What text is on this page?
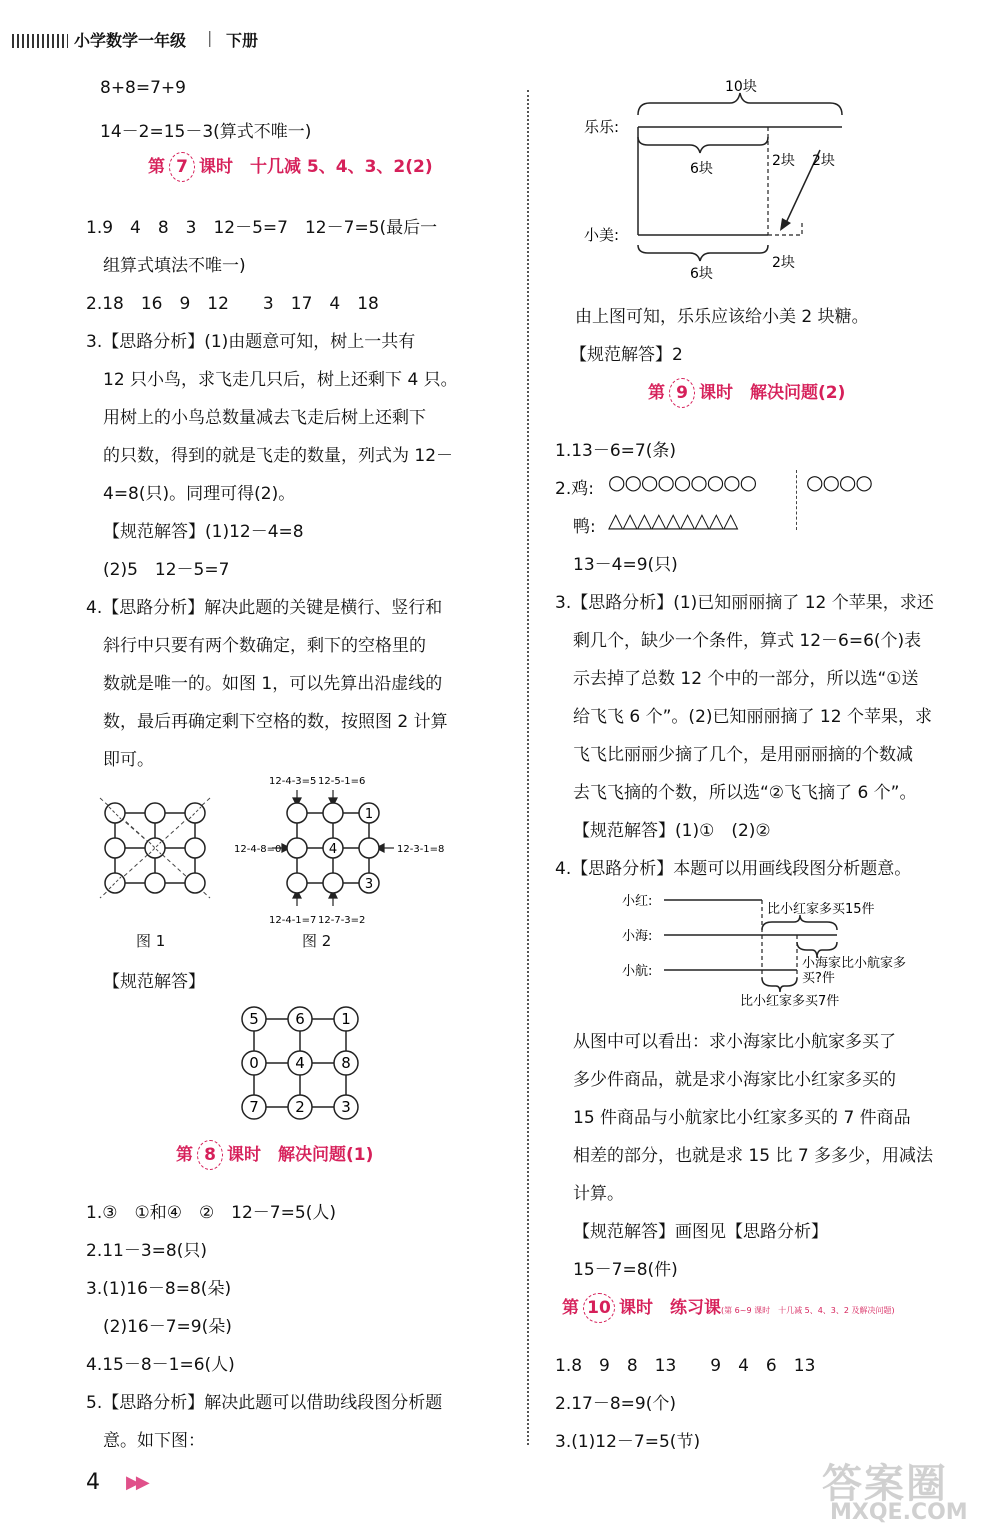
小学数学一年级 | 下册
8+8=7+9
14－2=15－3(算式不唯一)
第 7 课时　 十几减 5、4、3、2(2)
1.9　4　8　3　12－5=7　12－7=5(最后一
组算式填法不唯一)
2.18　16　9　12　　3　17　4　18
3.【思路分析】(1)由题意可知，树上一共有
12 只小鸟，求飞走几只后，树上还剩下 4 只。
用树上的小鸟总数量减去飞走后树上还剩下
的只数，得到的就是飞走的数量，列式为 12－
4=8(只)。同理可得(2)。
【规范解答】(1)12－4=8
(2)5　12－5=7
4.【思路分析】解决此题的关键是横行、竖行和
斜行中只要有两个数确定，剩下的空格里的
数就是唯一的。如图 1，可以先算出沿虚线的
数，最后再确定剩下空格的数，按照图 2 计算
即可。
图 1
12-4-3=5 12-5-1=6
12-4-8=0	12-3-1=8
12-4-1=7 12-7-3=2
1
4
3
图 2
【规范解答】
5 6 1
0 4 8
7 2 3
第 8 课时　 解决问题(1)
1.③　①和④　②　12－7=5(人)
2.11－3=8(只)
3.(1)16－8=8(朵)
(2)16－7=9(朵)
4.15－8－1=6(人)
5.【思路分析】解决此题可以借助线段图分析题
意。如下图：
4 ▶▶
10块
乐乐:
小美:
6块	2块 2块
6块
2块
由上图可知，乐乐应该给小美 2 块糖。
【规范解答】2
第 9 课时　 解决问题(2)
1.13－6=7(条)
2.鸡: ○○○○○○○○○ ○○○○
鸭: △△△△△△△△△
13－4=9(只)
3.【思路分析】(1)已知丽丽摘了 12 个苹果，求还
剩几个，缺少一个条件，算式 12－6=6(个)表
示去掉了总数 12 个中的一部分，所以选“①送
给飞飞 6 个”。(2)已知丽丽摘了 12 个苹果，求
飞飞比丽丽少摘了几个，是用丽丽摘的个数减
去飞飞摘的个数，所以选“②飞飞摘了 6 个”。
【规范解答】(1)①　(2)②
4.【思路分析】本题可以用画线段图分析题意。
小红:
小海:
小航:
比小红家多买15件
小海家比小航家多
买?件
比小红家多买7件
从图中可以看出：求小海家比小航家多买了
多少件商品，就是求小海家比小红家多买的
15 件商品与小航家比小红家多买的 7 件商品
相差的部分，也就是求 15 比 7 多多少，用减法
计算。
【规范解答】画图见【思路分析】
15－7=8(件)
第 10 课时　 练习课(第 6~9 课时　十几减 5、4、3、2 及解决问题)
1.8　9　8　13　　9　4　6　13
2.17－8=9(个)
3.(1)12－7=5(节)
答案圈
MXQE.COM
